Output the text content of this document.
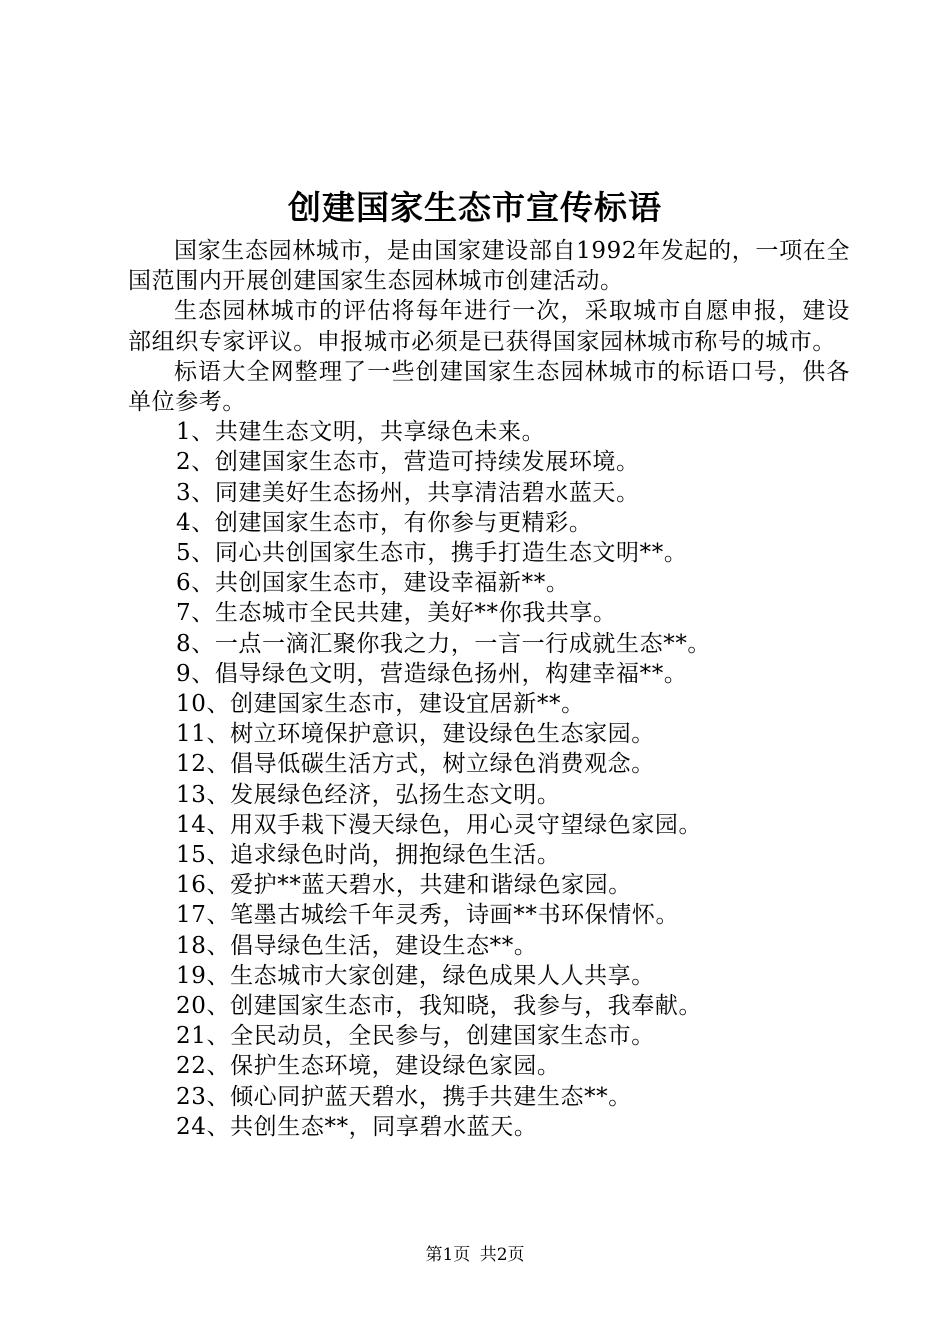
创建国家生态市宣传标语

国家生态园林城市，是由国家建设部自1992年发起的，一项在全国范围内开展创建国家生态园林城市创建活动。

生态园林城市的评估将每年进行一次，采取城市自愿申报，建设部组织专家评议。申报城市必须是已获得国家园林城市称号的城市。

标语大全网整理了一些创建国家生态园林城市的标语口号，供各单位参考。

1、共建生态文明，共享绿色未来。
2、创建国家生态市，营造可持续发展环境。
3、同建美好生态扬州，共享清洁碧水蓝天。
4、创建国家生态市，有你参与更精彩。
5、同心共创国家生态市，携手打造生态文明**。
6、共创国家生态市，建设幸福新**。
7、生态城市全民共建，美好**你我共享。
8、一点一滴汇聚你我之力，一言一行成就生态**。
9、倡导绿色文明，营造绿色扬州，构建幸福**。
10、创建国家生态市，建设宜居新**。
11、树立环境保护意识，建设绿色生态家园。
12、倡导低碳生活方式，树立绿色消费观念。
13、发展绿色经济，弘扬生态文明。
14、用双手栽下漫天绿色，用心灵守望绿色家园。
15、追求绿色时尚，拥抱绿色生活。
16、爱护**蓝天碧水，共建和谐绿色家园。
17、笔墨古城绘千年灵秀，诗画**书环保情怀。
18、倡导绿色生活，建设生态**。
19、生态城市大家创建，绿色成果人人共享。
20、创建国家生态市，我知晓，我参与，我奉献。
21、全民动员，全民参与，创建国家生态市。
22、保护生态环境，建设绿色家园。
23、倾心同护蓝天碧水，携手共建生态**。
24、共创生态**，同享碧水蓝天。
第1页 共2页
